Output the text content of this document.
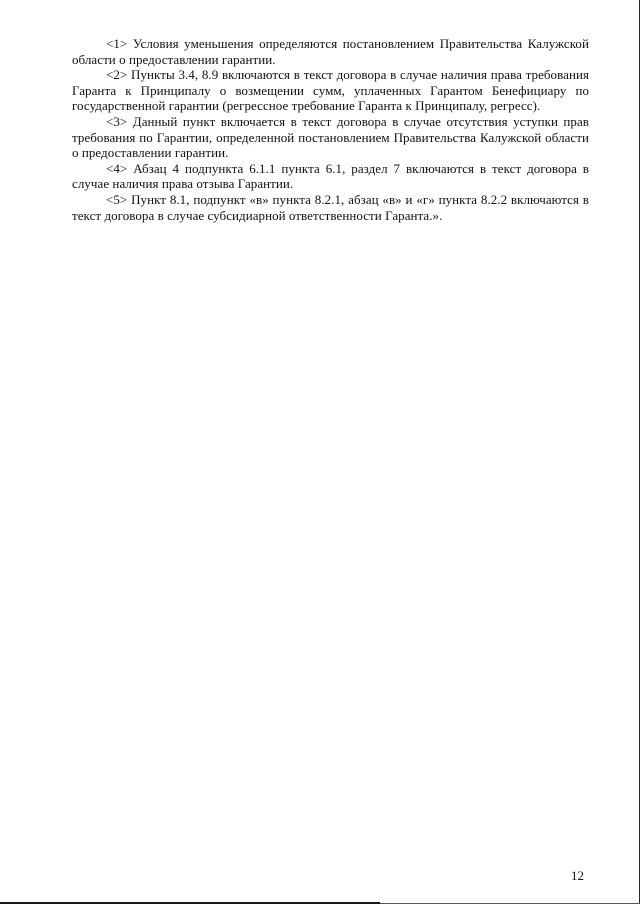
<1> Условия уменьшения определяются постановлением Правительства Калужской области о предоставлении гарантии.

<2> Пункты 3.4, 8.9 включаются в текст договора в случае наличия права требования Гаранта к Принципалу о возмещении сумм, уплаченных Гарантом Бенефициару по государственной гарантии (регрессное требование Гаранта к Принципалу, регресс).

<3> Данный пункт включается в текст договора в случае отсутствия уступки прав требования по Гарантии, определенной постановлением Правительства Калужской области о предоставлении гарантии.

<4> Абзац 4 подпункта 6.1.1 пункта 6.1, раздел 7 включаются в текст договора в случае наличия права отзыва Гарантии.

<5> Пункт 8.1, подпункт «в» пункта 8.2.1, абзац «в» и «г» пункта 8.2.2 включаются в текст договора в случае субсидиарной ответственности Гаранта.».

12
